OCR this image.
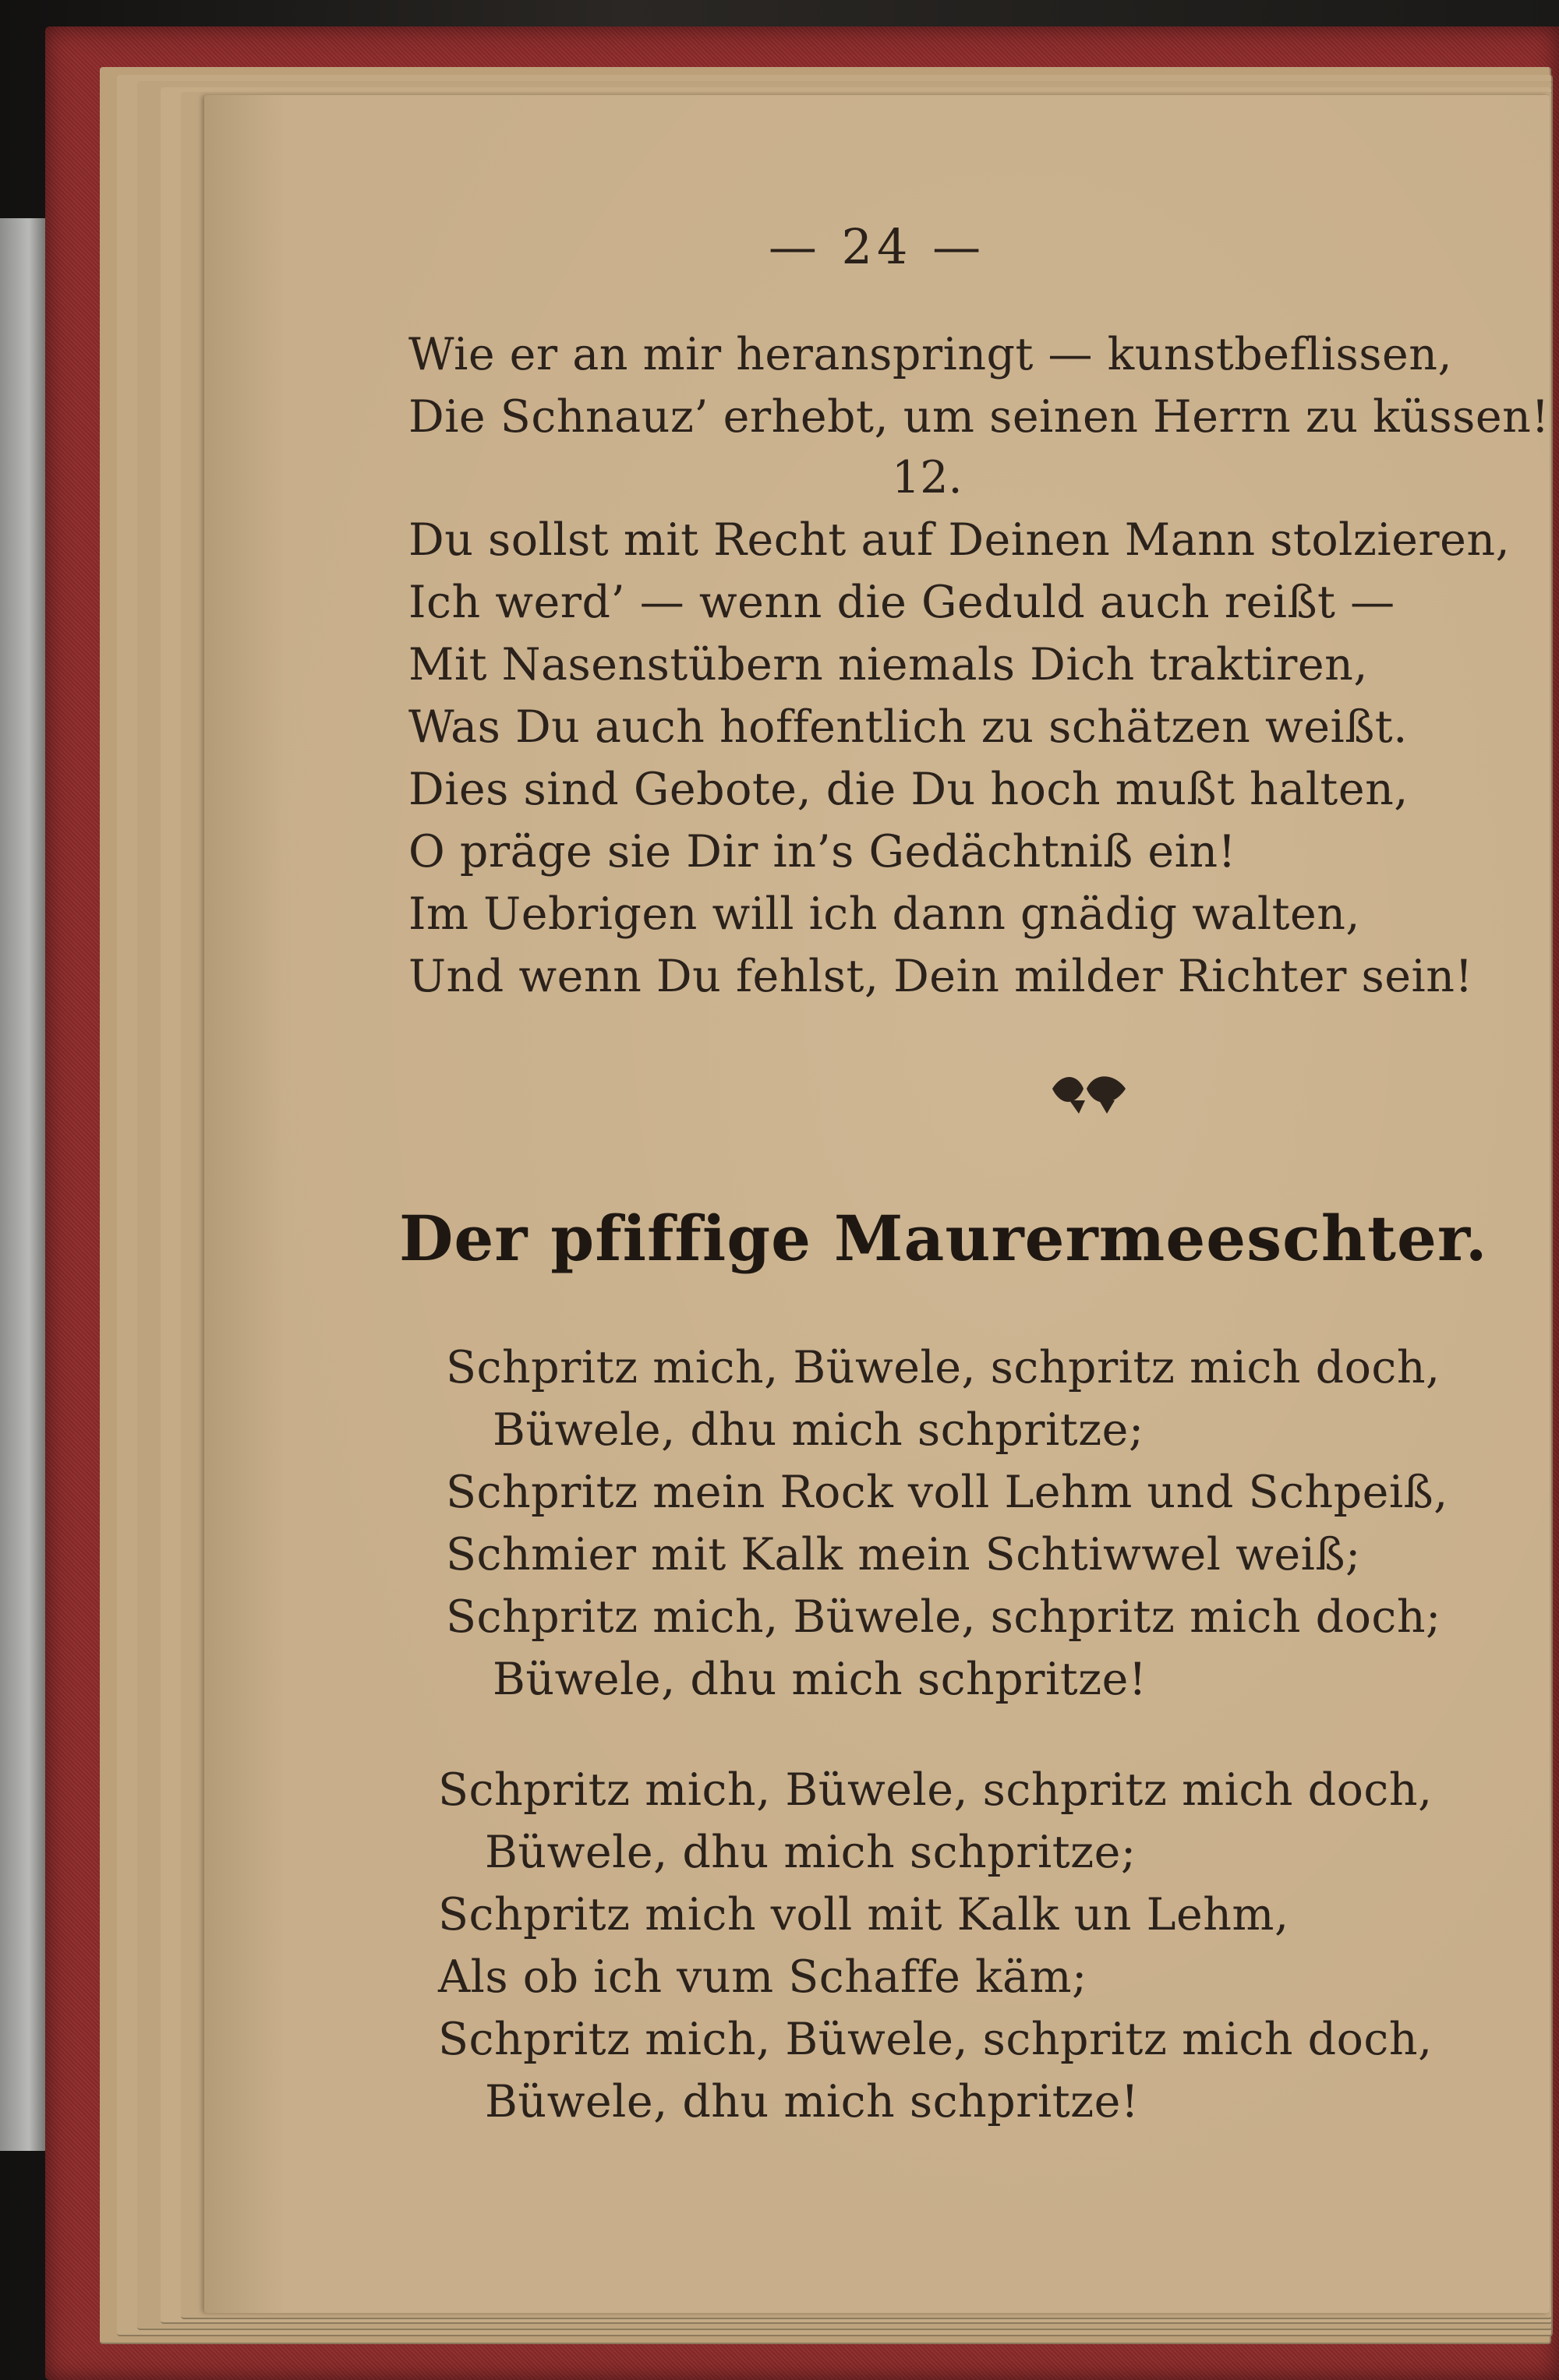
— 24 —
Wie er an mir heranspringt — kunstbeflissen,
Die Schnauz’ erhebt, um seinen Herrn zu küssen!
12.
Du sollst mit Recht auf Deinen Mann stolzieren,
Ich werd’ — wenn die Geduld auch reißt —
Mit Nasenstübern niemals Dich traktiren,
Was Du auch hoffentlich zu schätzen weißt.
Dies sind Gebote, die Du hoch mußt halten,
O präge sie Dir in’s Gedächtniß ein!
Im Uebrigen will ich dann gnädig walten,
Und wenn Du fehlst, Dein milder Richter sein!
Der pfiffige Maurermeeschter.
Schpritz mich, Büwele, schpritz mich doch,
Büwele, dhu mich schpritze;
Schpritz mein Rock voll Lehm und Schpeiß,
Schmier mit Kalk mein Schtiwwel weiß;
Schpritz mich, Büwele, schpritz mich doch;
Büwele, dhu mich schpritze!
Schpritz mich, Büwele, schpritz mich doch,
Büwele, dhu mich schpritze;
Schpritz mich voll mit Kalk un Lehm,
Als ob ich vum Schaffe käm;
Schpritz mich, Büwele, schpritz mich doch,
Büwele, dhu mich schpritze!
